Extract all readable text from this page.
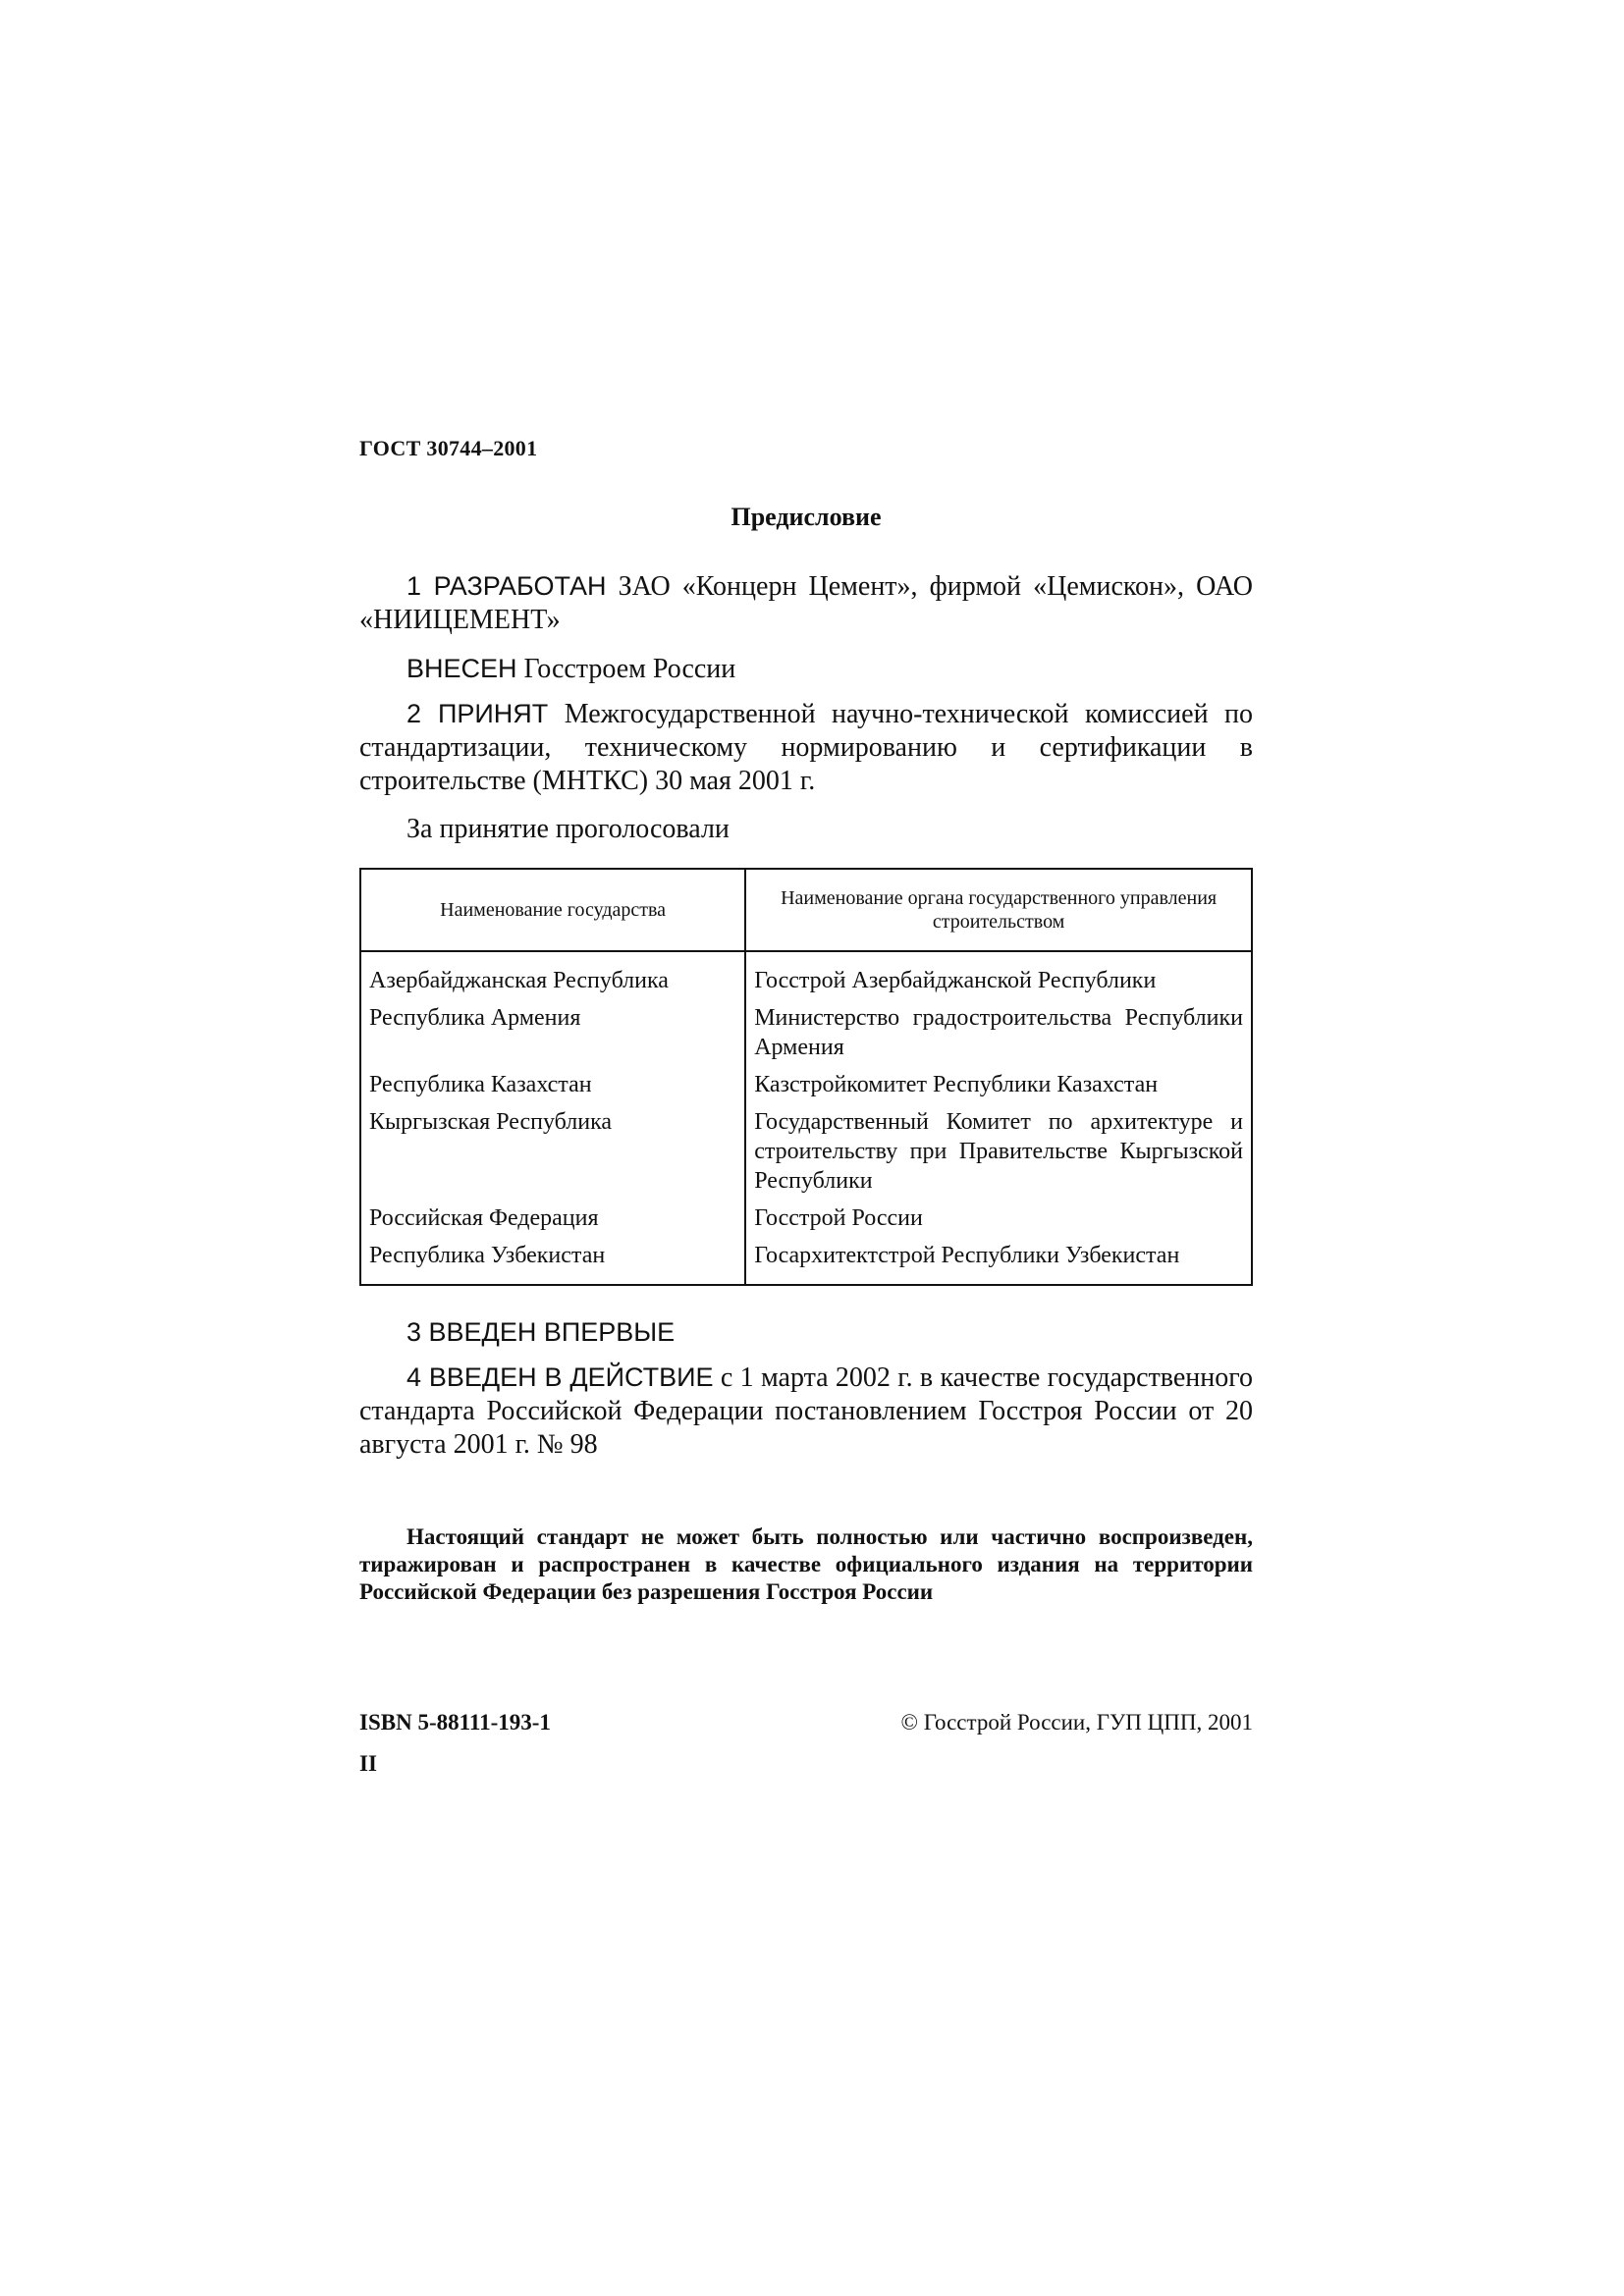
ГОСТ 30744–2001
Предисловие

1 РАЗРАБОТАН ЗАО «Концерн Цемент», фирмой «Цемискон», ОАО «НИИЦЕМЕНТ»

ВНЕСЕН Госстроем России

2 ПРИНЯТ Межгосударственной научно-технической комиссией по стандартизации, техническому нормированию и сертификации в строительстве (МНТКС) 30 мая 2001 г.

За принятие проголосовали

Наименование государства	Наименование органа государственного управления строительством
Азербайджанская Республика	Госстрой Азербайджанской Республики
Республика Армения	Министерство градостроительства Республики Армения
Республика Казахстан	Казстройкомитет Республики Казахстан
Кыргызская Республика	Государственный Комитет по архитектуре и строительству при Правительстве Кыргызской Республики
Российская Федерация	Госстрой России
Республика Узбекистан	Госархитектстрой Республики Узбекистан

3 ВВЕДЕН ВПЕРВЫЕ

4 ВВЕДЕН В ДЕЙСТВИЕ с 1 марта 2002 г. в качестве государственного стандарта Российской Федерации постановлением Госстроя России от 20 августа 2001 г. № 98

Настоящий стандарт не может быть полностью или частично воспроизведен, тиражирован и распространен в качестве официального издания на территории Российской Федерации без разрешения Госстроя России

ISBN 5-88111-193-1	© Госстрой России, ГУП ЦПП, 2001
II
